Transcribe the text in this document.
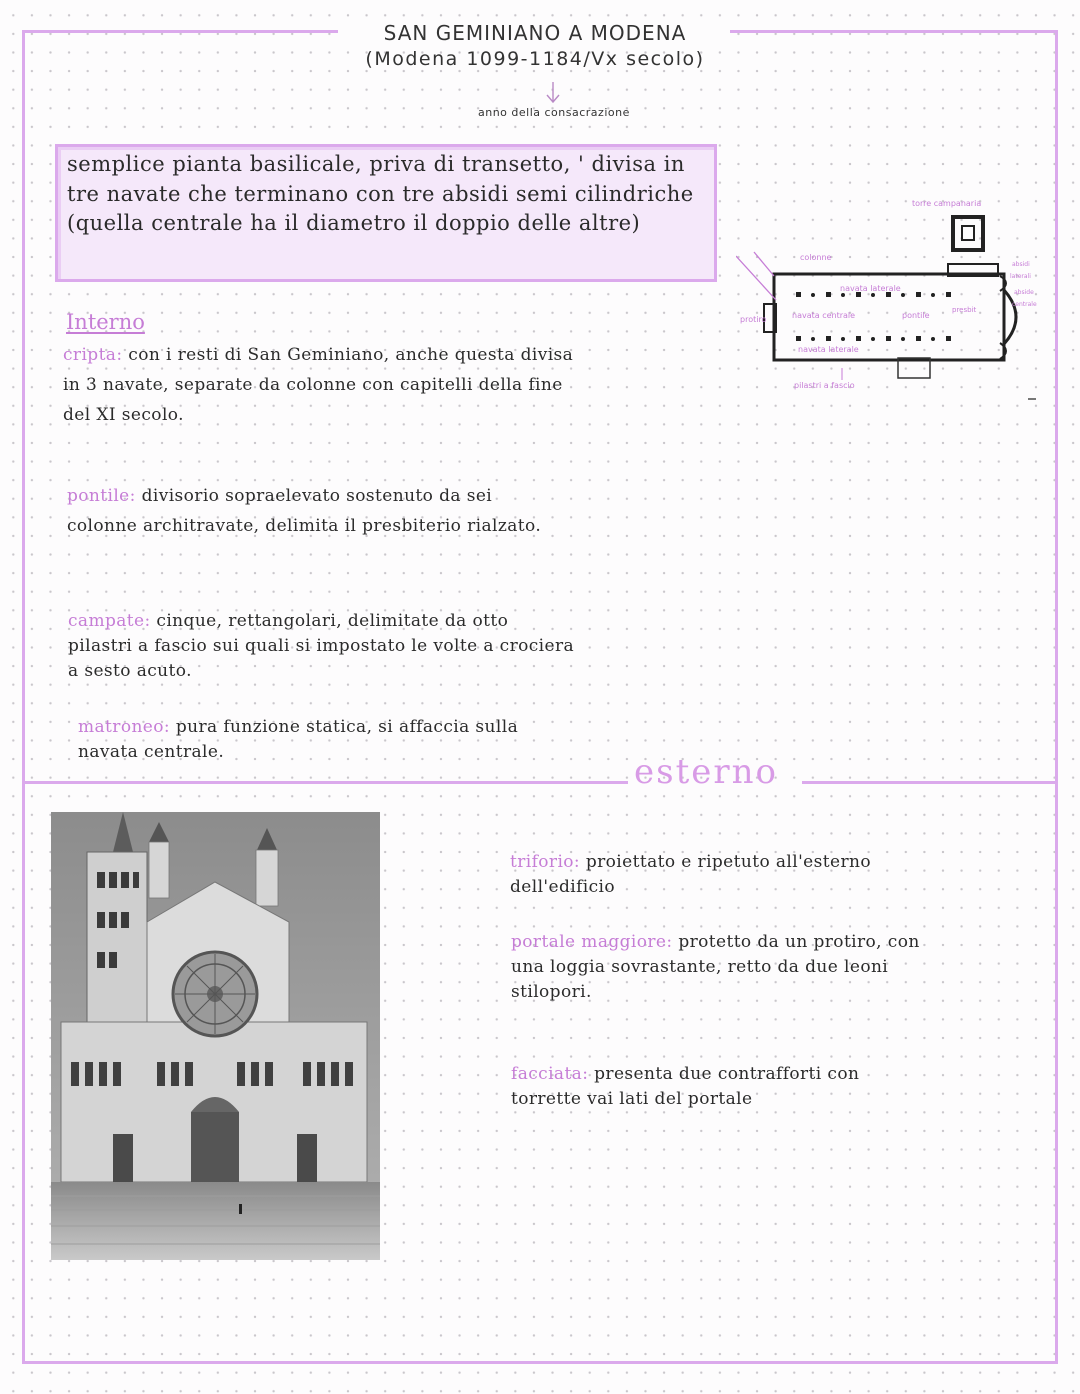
SAN GEMINIANO A MODENA
(Modena 1099-1184/Vx secolo)
anno della consacrazione
semplice pianta basilicale, priva di transetto, ' divisa in tre navate che terminano con tre absidi semi cilindriche (quella centrale ha il diametro il doppio delle altre)
torre campanaria
colonne
navata laterale
protiro	navata centrale	pontile
presbit
navata laterale
pilastri a fascio
absidi
laterali
abside
centrale
Interno
cripta: con i resti di San Geminiano, anche questa divisa in 3 navate, separate da colonne con capitelli della fine del XI secolo.
pontile: divisorio sopraelevato sostenuto da sei colonne architravate, delimita il presbiterio rialzato.
campate: cinque, rettangolari, delimitate da otto pilastri a fascio sui quali si impostato le volte a crociera a sesto acuto.
matroneo: pura funzione statica, si affaccia sulla navata centrale.	esterno
triforio: proiettato e ripetuto all'esterno dell'edificio
portale maggiore: protetto da un protiro, con una loggia sovrastante, retto da due leoni stilopori.
facciata: presenta due contrafforti con torrette vai lati del portale
